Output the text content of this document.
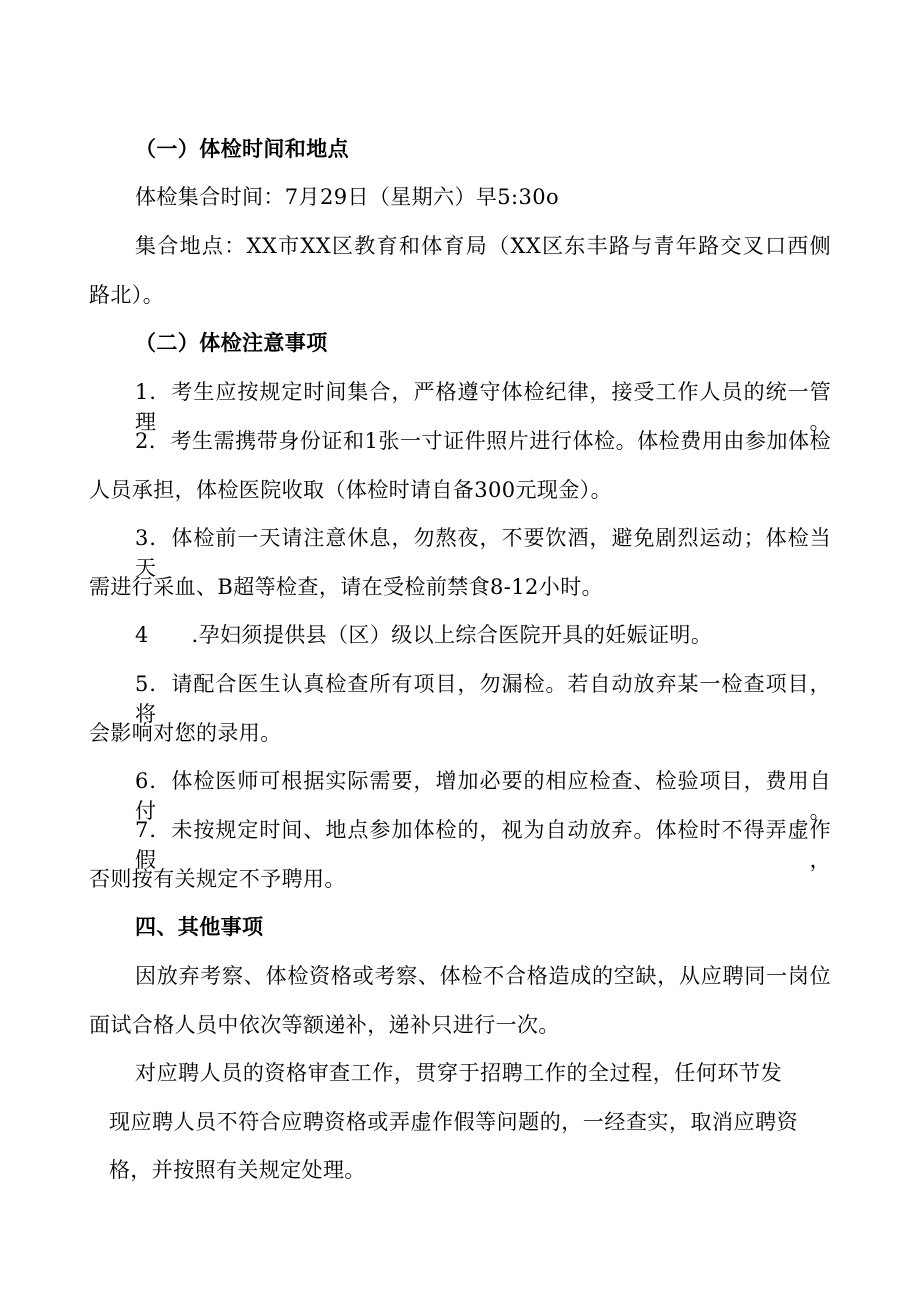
（一）体检时间和地点

体检集合时间：7月29日（星期六）早5:30o

集合地点：XX市XX区教育和体育局（XX区东丰路与青年路交叉口西侧

路北）。

（二）体检注意事项

1．考生应按规定时间集合，严格遵守体检纪律，接受工作人员的统一管理。

2．考生需携带身份证和1张一寸证件照片进行体检。体检费用由参加体检

人员承担，体检医院收取（体检时请自备300元现金）。

3．体检前一天请注意休息，勿熬夜，不要饮酒，避免剧烈运动；体检当天

需进行采血、B超等检查，请在受检前禁食8-12小时。

4　　.孕妇须提供县（区）级以上综合医院开具的妊娠证明。

5．请配合医生认真检查所有项目，勿漏检。若自动放弃某一检查项目，将

会影响对您的录用。

6．体检医师可根据实际需要，增加必要的相应检查、检验项目，费用自付。

7．未按规定时间、地点参加体检的，视为自动放弃。体检时不得弄虚作假，

否则按有关规定不予聘用。

四、其他事项

因放弃考察、体检资格或考察、体检不合格造成的空缺，从应聘同一岗位

面试合格人员中依次等额递补，递补只进行一次。

对应聘人员的资格审查工作，贯穿于招聘工作的全过程，任何环节发

现应聘人员不符合应聘资格或弄虚作假等问题的，一经查实，取消应聘资

格，并按照有关规定处理。
